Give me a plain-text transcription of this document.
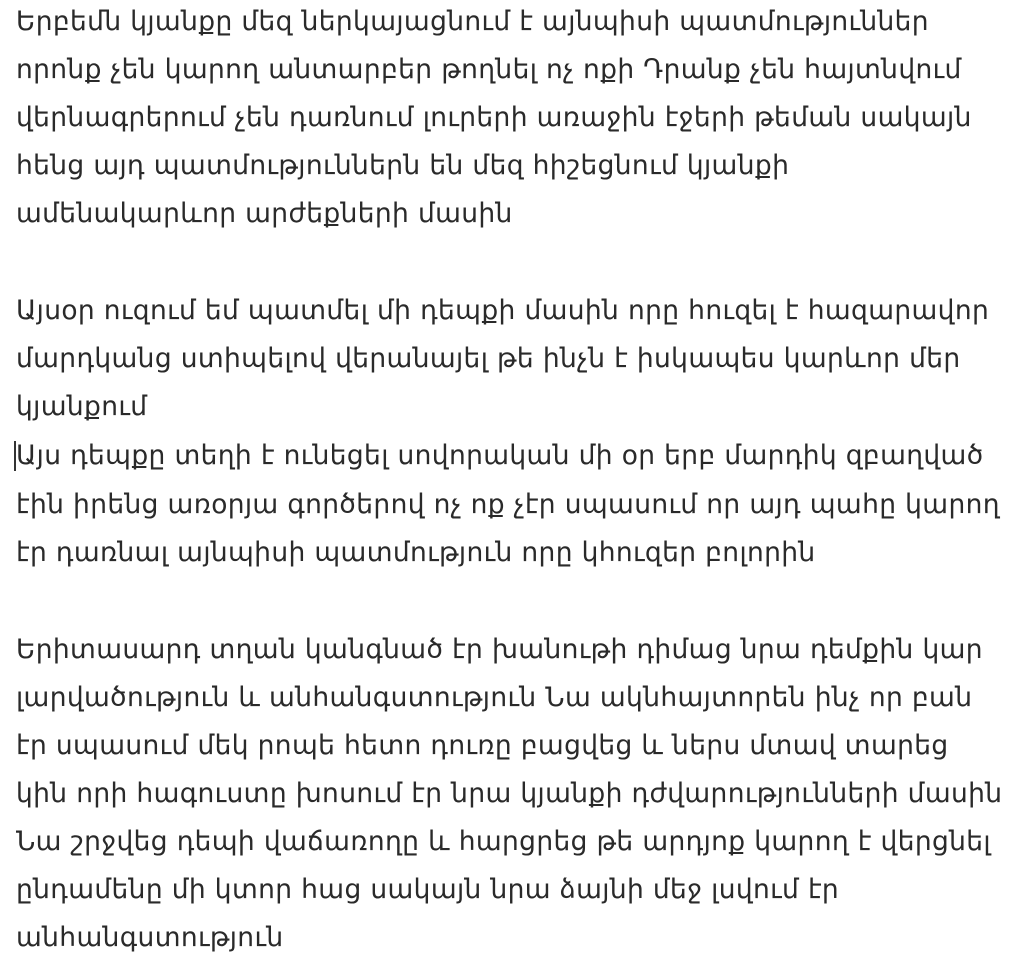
Երբեմն կյանքը մեզ ներկայացնում է այնպիսի պատմություններ
որոնք չեն կարող անտարբեր թողնել ոչ ոքի Դրանք չեն հայտնվում
վերնագրերում չեն դառնում լուրերի առաջին էջերի թեման սակայն
հենց այդ պատմություններն են մեզ հիշեցնում կյանքի
ամենակարևոր արժեքների մասին
Այսօր ուզում եմ պատմել մի դեպքի մասին որը հուզել է հազարավոր
մարդկանց ստիպելով վերանայել թե ինչն է իսկապես կարևոր մեր
կյանքում
Այս դեպքը տեղի է ունեցել սովորական մի օր երբ մարդիկ զբաղված
էին իրենց առօրյա գործերով ոչ ոք չէր սպասում որ այդ պահը կարող
էր դառնալ այնպիսի պատմություն որը կհուզեր բոլորին
Երիտասարդ տղան կանգնած էր խանութի դիմաց նրա դեմքին կար
լարվածություն և անհանգստություն Նա ակնհայտորեն ինչ որ բան
էր սպասում մեկ րոպե հետո դուռը բացվեց և ներս մտավ տարեց
կին որի հագուստը խոսում էր նրա կյանքի դժվարությունների մասին
Նա շրջվեց դեպի վաճառողը և հարցրեց թե արդյոք կարող է վերցնել
ընդամենը մի կտոր հաց սակայն նրա ձայնի մեջ լսվում էր
անհանգստություն
